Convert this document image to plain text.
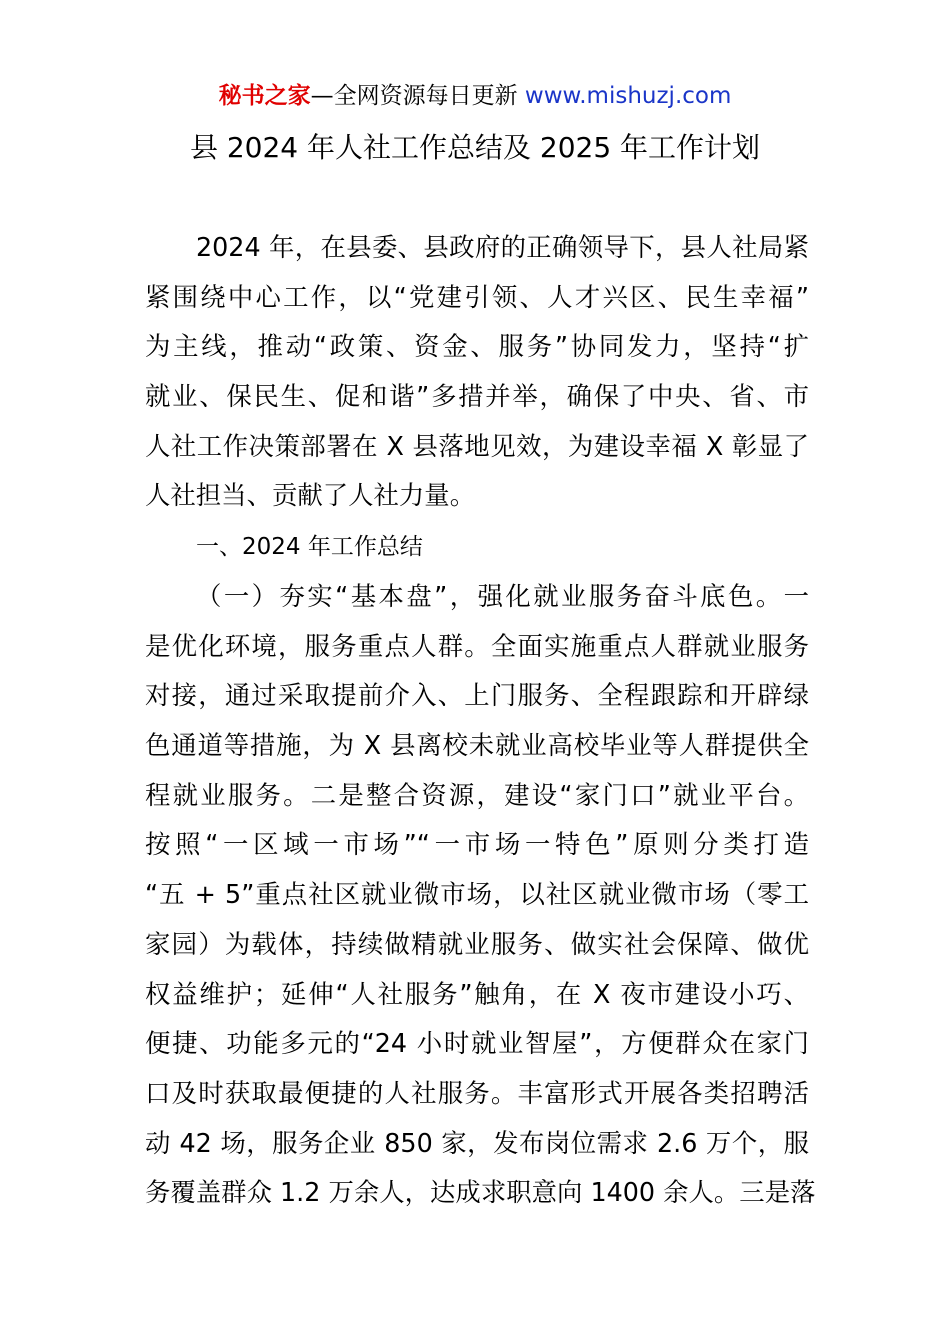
秘书之家—全网资源每日更新 www.mishuzj.com
县 2024 年人社工作总结及 2025 年工作计划
2024 年，在县委、县政府的正确领导下，县人社局紧
紧围绕中心工作，以“党建引领、人才兴区、民生幸福”
为主线，推动“政策、资金、服务”协同发力，坚持“扩
就业、保民生、促和谐”多措并举，确保了中央、省、市
人社工作决策部署在 X 县落地见效，为建设幸福 X 彰显了
人社担当、贡献了人社力量。
一、2024 年工作总结
（一）夯实“基本盘”，强化就业服务奋斗底色。一
是优化环境，服务重点人群。全面实施重点人群就业服务
对接，通过采取提前介入、上门服务、全程跟踪和开辟绿
色通道等措施，为 X 县离校未就业高校毕业等人群提供全
程就业服务。二是整合资源，建设“家门口”就业平台。
按照“一区域一市场”“一市场一特色”原则分类打造
“五 + 5”重点社区就业微市场，以社区就业微市场（零工
家园）为载体，持续做精就业服务、做实社会保障、做优
权益维护；延伸“人社服务”触角，在 X 夜市建设小巧、
便捷、功能多元的“24 小时就业智屋”，方便群众在家门
口及时获取最便捷的人社服务。丰富形式开展各类招聘活
动 42 场，服务企业 850 家，发布岗位需求 2.6 万个，服
务覆盖群众 1.2 万余人，达成求职意向 1400 余人。三是落
